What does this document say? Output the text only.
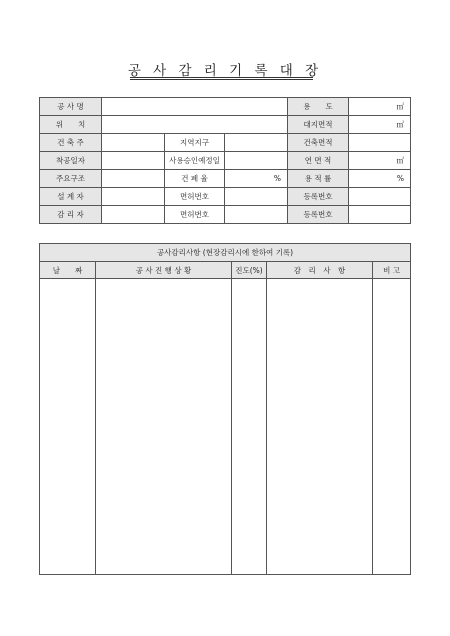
공 사 감 리 기 록 대 장
공 사 명				용　　도	㎡
위　　치				대지면적	㎡
건 축 주		지역지구		건축면적	
착공일자		사용승인예정일		연 면 적	㎡
주요구조		건 폐 율	%	용 적 률	%
설 계 자		면허번호		등록번호	
감 리 자		면허번호		등록번호	
공사감리사항 (현장감리시에 한하여 기록)				
날　　짜	공 사 진 행 상 황	진도(%)	감　리　사　항	비 고
